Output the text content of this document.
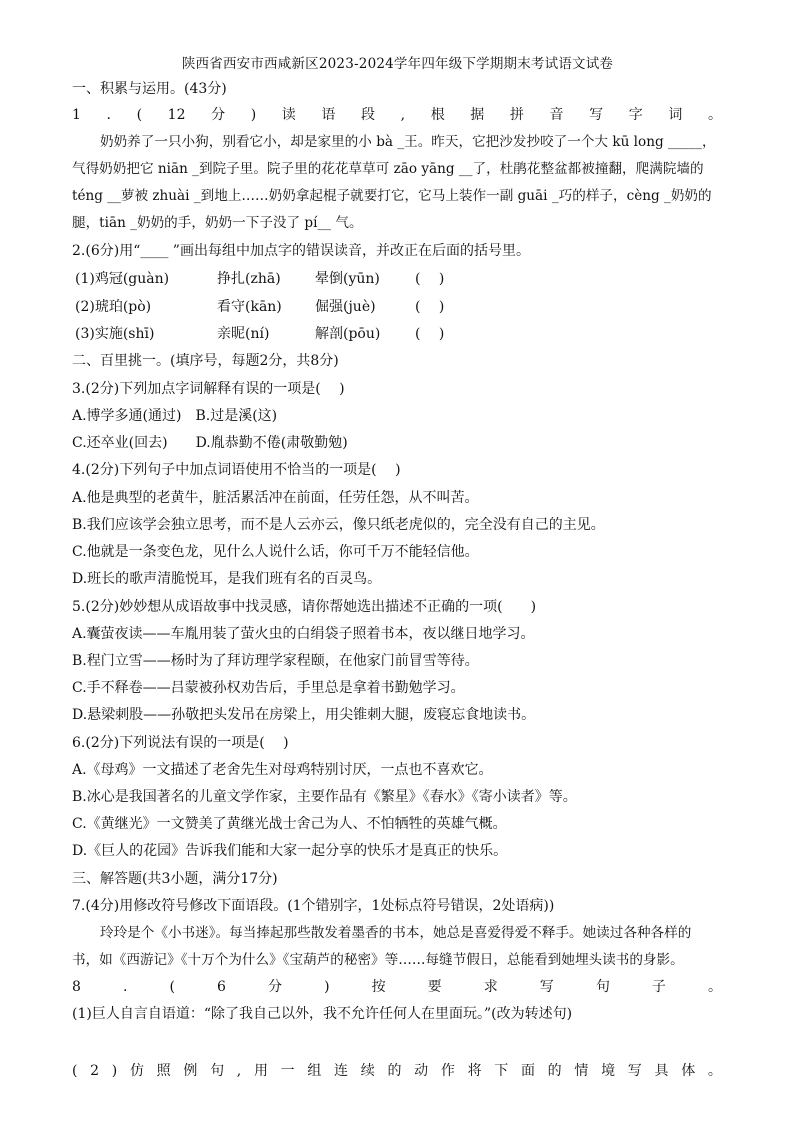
陕西省西安市西咸新区2023-2024学年四年级下学期期末考试语文试卷
一、积累与运用。(43分)
1 . ( 12 分 ) 读 语 段 , 根 据 拼 音 写 字 词 。
奶奶养了一只小狗，别看它小，却是家里的小 bà _王。昨天，它把沙发抄咬了一个大 kū long _____，
气得奶奶把它 niān _到院子里。院子里的花花草草可 zāo yāng __了，杜鹃花整盆都被撞翻，爬满院墙的
téng __萝被 zhuài _到地上……奶奶拿起棍子就要打它，它马上装作一副 guāi _巧的样子，cèng _奶奶的
腿，tiān _奶奶的手，奶奶一下子没了 pí__ 气。
2.(6分)用“____ ”画出每组中加点字的错误读音，并改正在后面的括号里。
(1)鸡冠(guàn)	挣扎(zhā) 晕倒(yūn)	(　 )
(2)琥珀(pò)	看守(kān) 倔强(juè)	(　 )
(3)实施(shī)	亲昵(ní)	解剖(pōu) (　 )
二、百里挑一。(填序号，每题2分，共8分)
3.(2分)下列加点字词解释有误的一项是(　 )
A.博学多通(通过)　B.过是溪(这)
C.还卒业(回去)　　D.胤恭勤不倦(肃敬勤勉)
4.(2分)下列句子中加点词语使用不恰当的一项是(　 )
A.他是典型的老黄牛，脏活累活冲在前面，任劳任怨，从不叫苦。
B.我们应该学会独立思考，而不是人云亦云，像只纸老虎似的，完全没有自己的主见。
C.他就是一条变色龙，见什么人说什么话，你可千万不能轻信他。
D.班长的歌声清脆悦耳，是我们班有名的百灵鸟。
5.(2分)妙妙想从成语故事中找灵感，请你帮她选出描述不正确的一项(　　)
A.囊萤夜读——车胤用装了萤火虫的白绢袋子照着书本，夜以继日地学习。
B.程门立雪——杨时为了拜访理学家程颐，在他家门前冒雪等待。
C.手不释卷——吕蒙被孙权劝告后，手里总是拿着书勤勉学习。
D.悬梁刺股——孙敬把头发吊在房梁上，用尖锥刺大腿，废寝忘食地读书。
6.(2分)下列说法有误的一项是(　 )
A.《母鸡》一文描述了老舍先生对母鸡特别讨厌，一点也不喜欢它。
B.冰心是我国著名的儿童文学作家，主要作品有《繁星》《春水》《寄小读者》等。
C.《黄继光》一文赞美了黄继光战士舍己为人、不怕牺牲的英雄气概。
D.《巨人的花园》告诉我们能和大家一起分享的快乐才是真正的快乐。
三、解答题(共3小题，满分17分)
7.(4分)用修改符号修改下面语段。(1个错别字，1处标点符号错误，2处语病))
玲玲是个《小书迷》。每当捧起那些散发着墨香的书本，她总是喜爱得爱不释手。她读过各种各样的
书，如《西游记》《十万个为什么》《宝葫芦的秘密》等……每缝节假日，总能看到她埋头读书的身影。
8	.	(	6	分	)	按	要	求	写	句	子	。
(1)巨人自言自语道：“除了我自己以外，我不允许任何人在里面玩。”(改为转述句)
( 2 ) 仿 照 例 句 , 用 一 组 连 续 的 动 作 将 下 面 的 情 境 写 具 体 。
